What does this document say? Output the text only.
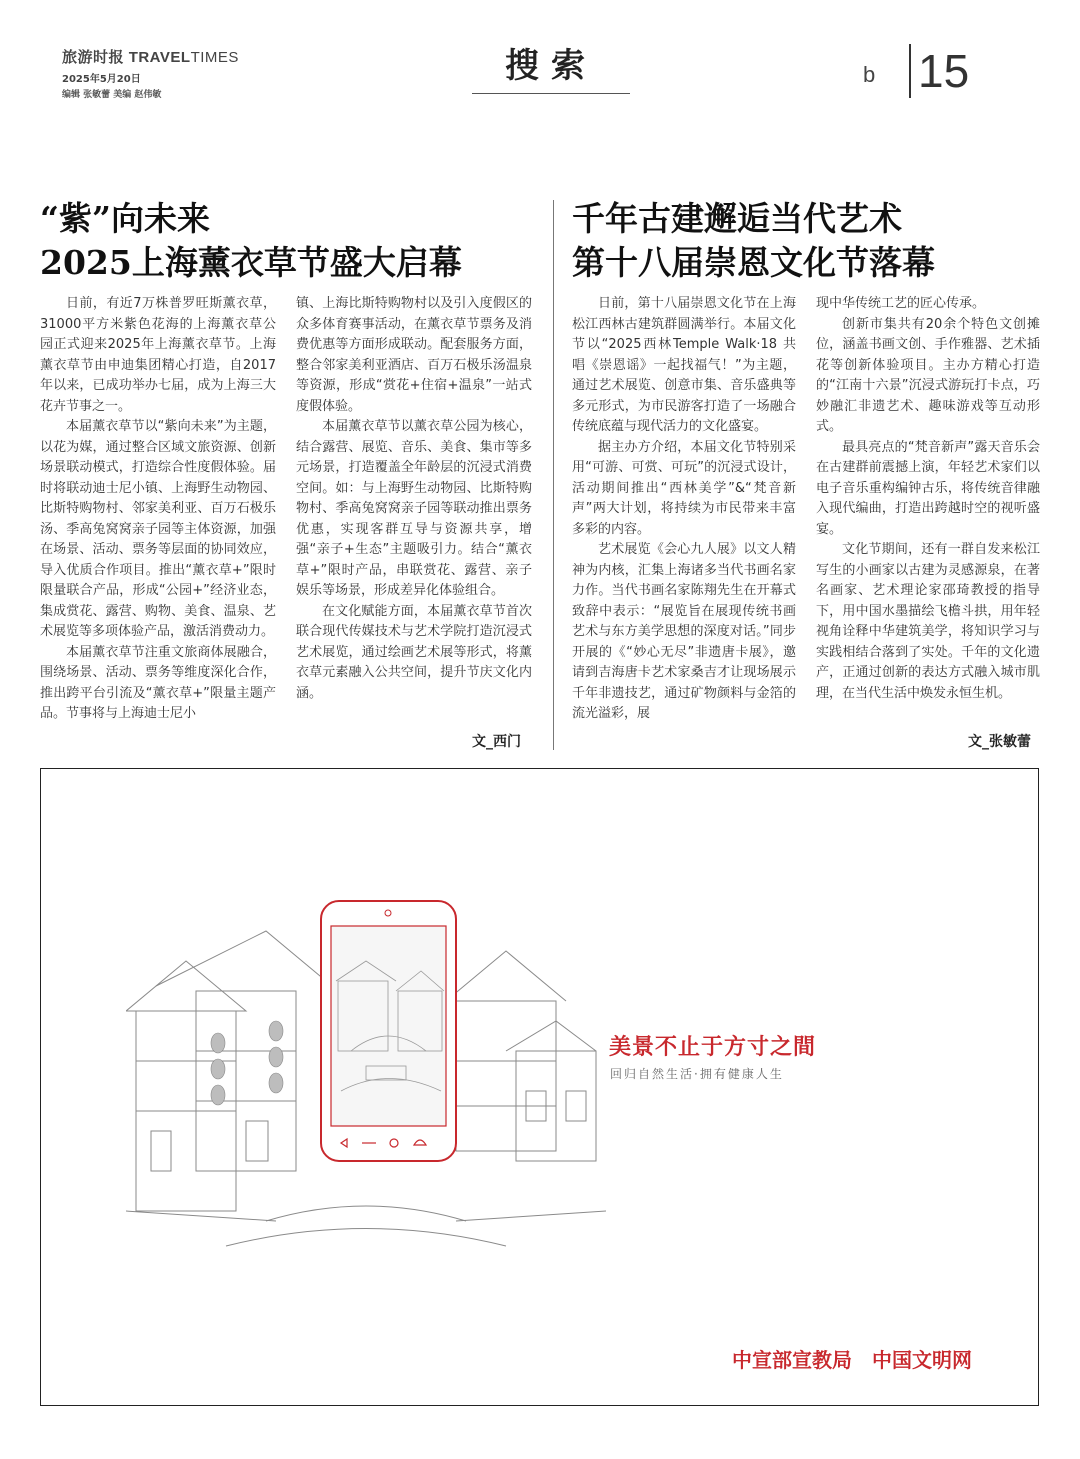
旅游时报 TRAVELTIMES
2025年5月20日
编辑 张敏蕾 美编 赵伟敏
搜索	b 15
“紫”向未来
2025上海薰衣草节盛大启幕

日前，有近7万株普罗旺斯薰衣草，31000平方米紫色花海的上海薰衣草公园正式迎来2025年上海薰衣草节。上海薰衣草节由申迪集团精心打造，自2017年以来，已成功举办七届，成为上海三大花卉节事之一。

本届薰衣草节以“紫向未来”为主题，以花为媒，通过整合区域文旅资源、创新场景联动模式，打造综合性度假体验。届时将联动迪士尼小镇、上海野生动物园、比斯特购物村、邻家美利亚、百万石极乐汤、季高兔窝窝亲子园等主体资源，加强在场景、活动、票务等层面的协同效应，导入优质合作项目。推出“薰衣草+”限时限量联合产品，形成“公园+”经济业态，集成赏花、露营、购物、美食、温泉、艺术展览等多项体验产品，激活消费动力。

本届薰衣草节注重文旅商体展融合，围绕场景、活动、票务等维度深化合作，推出跨平台引流及“薰衣草+”限量主题产品。节事将与上海迪士尼小

镇、上海比斯特购物村以及引入度假区的众多体育赛事活动，在薰衣草节票务及消费优惠等方面形成联动。配套服务方面，整合邻家美利亚酒店、百万石极乐汤温泉等资源，形成“赏花+住宿+温泉”一站式度假体验。

本届薰衣草节以薰衣草公园为核心，结合露营、展览、音乐、美食、集市等多元场景，打造覆盖全年龄层的沉浸式消费空间。如：与上海野生动物园、比斯特购物村、季高兔窝窝亲子园等联动推出票务优惠，实现客群互导与资源共享，增强“亲子+生态”主题吸引力。结合“薰衣草+”限时产品，串联赏花、露营、亲子娱乐等场景，形成差异化体验组合。

在文化赋能方面，本届薰衣草节首次联合现代传媒技术与艺术学院打造沉浸式艺术展览，通过绘画艺术展等形式，将薰衣草元素融入公共空间，提升节庆文化内涵。

文_西门
千年古建邂逅当代艺术
第十八届崇恩文化节落幕

日前，第十八届崇恩文化节在上海松江西林古建筑群圆满举行。本届文化节以“2025西林Temple Walk·18 共唱《崇恩谣》一起找福气！”为主题，通过艺术展览、创意市集、音乐盛典等多元形式，为市民游客打造了一场融合传统底蕴与现代活力的文化盛宴。

据主办方介绍，本届文化节特别采用“可游、可赏、可玩”的沉浸式设计，活动期间推出“西林美学”&“梵音新声”两大计划，将持续为市民带来丰富多彩的内容。

艺术展览《会心九人展》以文人精神为内核，汇集上海诸多当代书画名家力作。当代书画名家陈翔先生在开幕式致辞中表示：“展览旨在展现传统书画艺术与东方美学思想的深度对话。”同步开展的《“妙心无尽”非遗唐卡展》，邀请到吉海唐卡艺术家桑吉才让现场展示千年非遗技艺，通过矿物颜料与金箔的流光溢彩，展

现中华传统工艺的匠心传承。

创新市集共有20余个特色文创摊位，涵盖书画文创、手作雅器、艺术插花等创新体验项目。主办方精心打造的“江南十六景”沉浸式游玩打卡点，巧妙融汇非遗艺术、趣味游戏等互动形式。

最具亮点的“梵音新声”露天音乐会在古建群前震撼上演，年轻艺术家们以电子音乐重构编钟古乐，将传统音律融入现代编曲，打造出跨越时空的视听盛宴。

文化节期间，还有一群自发来松江写生的小画家以古建为灵感源泉，在著名画家、艺术理论家邵琦教授的指导下，用中国水墨描绘飞檐斗拱，用年轻视角诠释中华建筑美学，将知识学习与实践相结合落到了实处。千年的文化遗产，正通过创新的表达方式融入城市肌理，在当代生活中焕发永恒生机。

文_张敏蕾
美景不止于方寸之間
回归自然生活·拥有健康人生
中宣部宣教局 中国文明网
